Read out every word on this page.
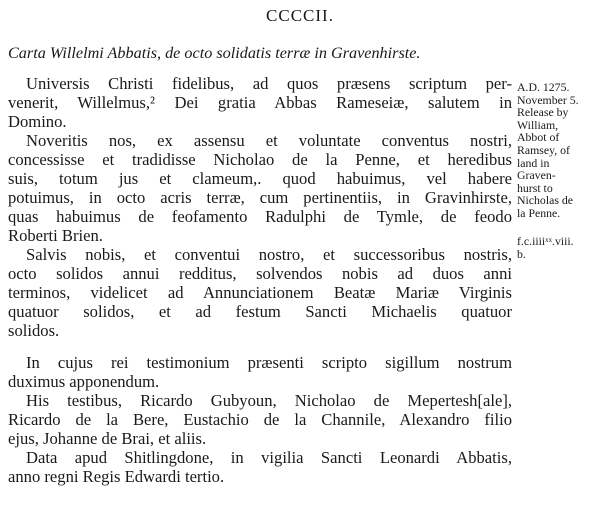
CCCCII.
Carta Willelmi Abbatis, de octo solidatis terræ in Gravenhirste.
Universis Christi fidelibus, ad quos præsens scriptum per-
venerit, Willelmus,² Dei gratia Abbas Rameseiæ, salutem in
Domino.
Noveritis nos, ex assensu et voluntate conventus nostri,
concessisse et tradidisse Nicholao de la Penne, et heredibus
suis, totum jus et clameum,. quod habuimus, vel habere
potuimus, in octo acris terræ, cum pertinentiis, in Gravinhirste,
quas habuimus de feofamento Radulphi de Tymle, de feodo
Roberti Brien.
Salvis nobis, et conventui nostro, et successoribus nostris,
octo solidos annui redditus, solvendos nobis ad duos anni
terminos, videlicet ad Annunciationem Beatæ Mariæ Virginis
quatuor solidos, et ad festum Sancti Michaelis quatuor
solidos.
In cujus rei testimonium præsenti scripto sigillum nostrum
duximus apponendum.
His testibus, Ricardo Gubyoun, Nicholao de Mepertesh[ale],
Ricardo de la Bere, Eustachio de la Channile, Alexandro filio
ejus, Johanne de Brai, et aliis.
Data apud Shitlingdone, in vigilia Sancti Leonardi Abbatis,
anno regni Regis Edwardi tertio.
A.D. 1275.
November 5.
Release by
William,
Abbot of
Ramsey, of
land in
Graven-
hurst to
Nicholas de
la Penne.
f.c.iiiiˣˣ.viii.
b.
